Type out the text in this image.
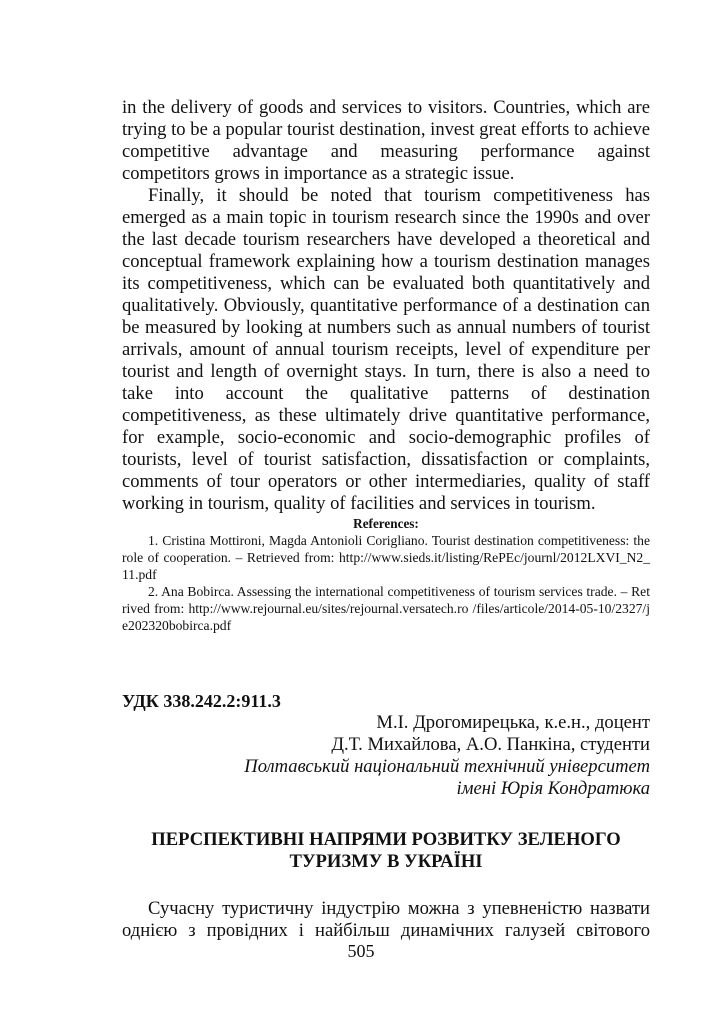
in the delivery of goods and services to visitors. Countries, which are trying to be a popular tourist destination, invest great efforts to achieve competitive advantage and measuring performance against competitors grows in importance as a strategic issue.

Finally, it should be noted that tourism competitiveness has emerged as a main topic in tourism research since the 1990s and over the last decade tourism researchers have developed a theoretical and conceptual framework explaining how a tourism destination manages its competitiveness, which can be evaluated both quantitatively and qualitatively. Obviously, quantitative performance of a destination can be measured by looking at numbers such as annual numbers of tourist arrivals, amount of annual tourism receipts, level of expenditure per tourist and length of overnight stays. In turn, there is also a need to take into account the qualitative patterns of destination competitiveness, as these ultimately drive quantitative performance, for example, socio-economic and socio-demographic profiles of tourists, level of tourist satisfaction, dissatisfaction or complaints, comments of tour operators or other intermediaries, quality of staff working in tourism, quality of facilities and services in tourism.

References:

1. Cristina Mottironi, Magda Antonioli Corigliano. Tourist destination competitiveness: the role of cooperation. – Retrieved from: http://www.sieds.it/listing/RePEc/journl/2012LXVI_N2_11.pdf

2. Ana Bobirca. Assessing the international competitiveness of tourism services trade. – Retrived from: http://www.rejournal.eu/sites/rejournal.versatech.ro /files/articole/2014-05-10/2327/je202320bobirca.pdf

УДК 338.242.2:911.3
М.І. Дрогомирецька, к.е.н., доцент
Д.Т. Михайлова, А.О. Панкіна, студенти
Полтавський національний технічний університет
імені Юрія Кондратюка
ПЕРСПЕКТИВНІ НАПРЯМИ РОЗВИТКУ ЗЕЛЕНОГО
ТУРИЗМУ В УКРАЇНІ

Сучасну туристичну індустрію можна з упевненістю назвати однією з провідних і найбільш динамічних галузей світового

505
